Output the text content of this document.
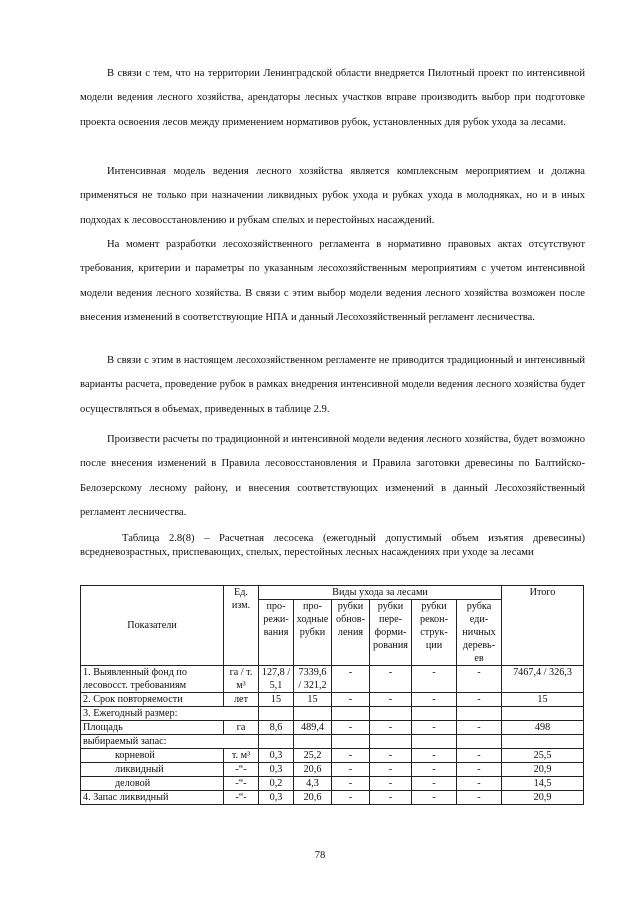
В связи с тем, что на территории Ленинградской области внедряется Пилотный проект по интенсивной модели ведения лесного хозяйства, арендаторы лесных участков вправе производить выбор при подготовке проекта освоения лесов между применением нормативов рубок, установленных для рубок ухода за лесами.

Интенсивная модель ведения лесного хозяйства является комплексным мероприятием и должна применяться не только при назначении ликвидных рубок ухода и рубках ухода в молодняках, но и в иных подходах к лесовосстановлению и рубкам спелых и перестойных насаждений.

На момент разработки лесохозяйственного регламента в нормативно правовых актах отсутствуют требования, критерии и параметры по указанным лесохозяйственным мероприятиям с учетом интенсивной модели ведения лесного хозяйства. В связи с этим выбор модели ведения лесного хозяйства возможен после внесения изменений в соответствующие НПА и данный Лесохозяйственный регламент лесничества.

В связи с этим в настоящем лесохозяйственном регламенте не приводится традиционный и интенсивный варианты расчета, проведение рубок в рамках внедрения интенсивной модели ведения лесного хозяйства будет осуществляться в объемах, приведенных в таблице 2.9.

Произвести расчеты по традиционной и интенсивной модели ведения лесного хозяйства, будет возможно после внесения изменений в Правила лесовосстановления и Правила заготовки древесины по Балтийско-Белозерскому лесному району, и внесения соответствующих изменений в данный Лесохозяйственный регламент лесничества.

Таблица 2.8(8) – Расчетная лесосека (ежегодный допустимый объем изъятия древесины) всредневозрастных, приспевающих, спелых, перестойных лесных насаждениях при уходе за лесами

Показатели	Ед. изм.	Виды ухода за лесами						Итого
		про-режи-вания	про-ходные рубки	рубки обнов-ления	рубки пере-форми-рования	рубки рекон-струк-ции	рубка еди-ничных деревь-ев	
1. Выявленный фонд по лесовосст. требованиям	га / т. м³	127,8 / 5,1	7339,6 / 321,2	-	-	-	-	7467,4 / 326,3
2. Срок повторяемости	лет	15	15	-	-	-	-	15
3. Ежегодный размер:								
Площадь	га	8,6	489,4	-	-	-	-	498
выбираемый запас:								
корневой	т. м³	0,3	25,2	-	-	-	-	25,5
ликвидный	-“-	0,3	20,6	-	-	-	-	20,9
деловой	-“-	0,2	4,3	-	-	-	-	14,5
4. Запас ликвидный	-“-	0,3	20,6	-	-	-	-	20,9
78
